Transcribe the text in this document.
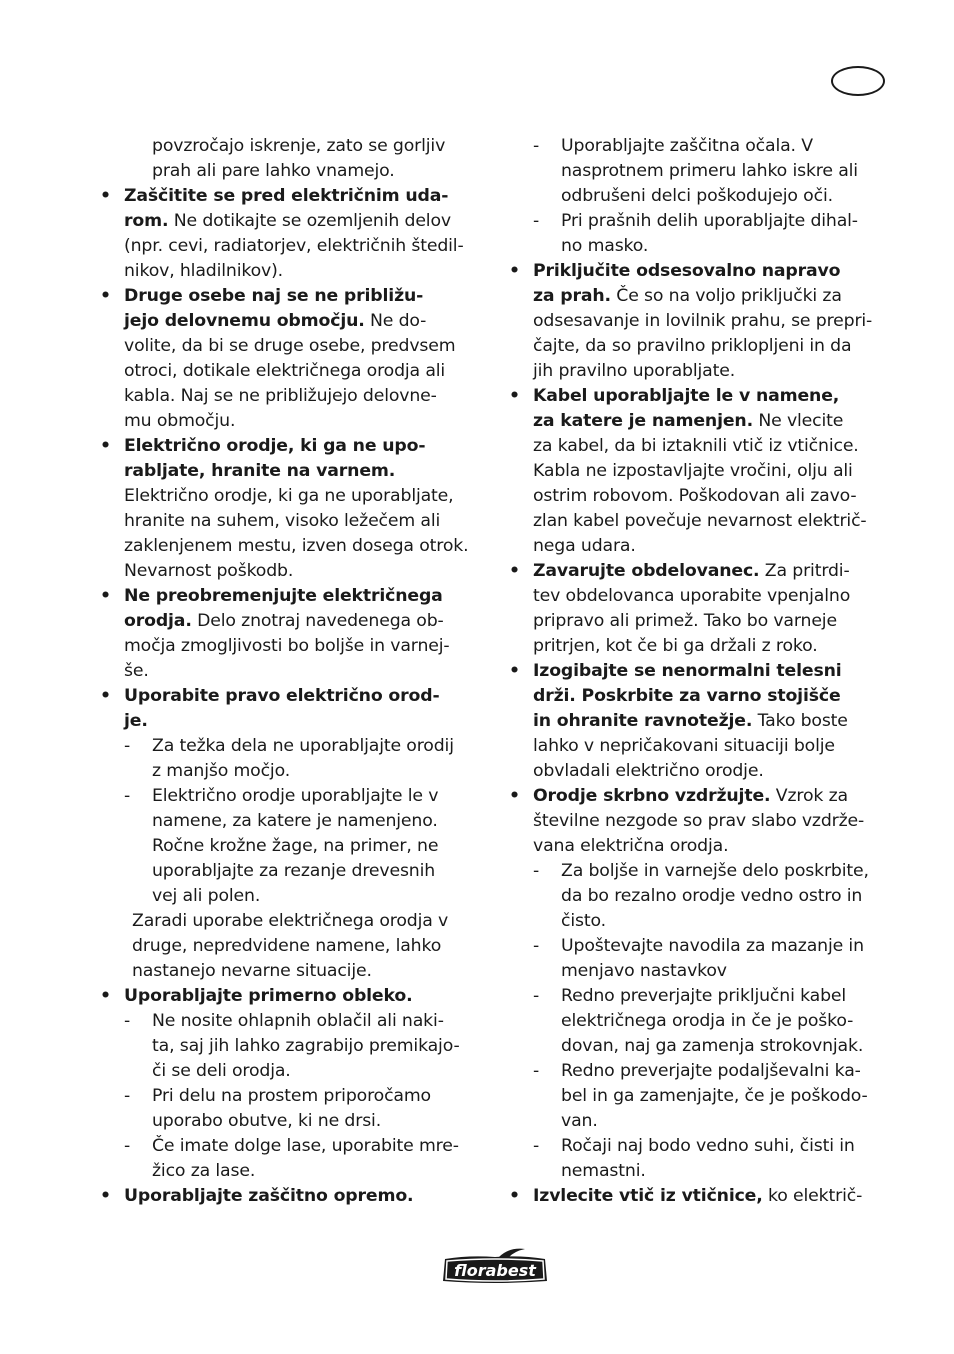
povzročajo iskrenje, zato se gorljiv
prah ali pare lahko vnamejo.
• Zaščitite se pred električnim uda-
rom. Ne dotikajte se ozemljenih delov
(npr. cevi, radiatorjev, električnih štedil-
nikov, hladilnikov).
• Druge osebe naj se ne približu-
jejo delovnemu območju. Ne do-
volite, da bi se druge osebe, predvsem
otroci, dotikale električnega orodja ali
kabla. Naj se ne približujejo delovne-
mu območju.
• Električno orodje, ki ga ne upo-
rabljate, hranite na varnem.
Električno orodje, ki ga ne uporabljate,
hranite na suhem, visoko ležečem ali
zaklenjenem mestu, izven dosega otrok.
Nevarnost poškodb.
• Ne preobremenjujte električnega
orodja. Delo znotraj navedenega ob-
močja zmogljivosti bo boljše in varnej-
še.
• Uporabite pravo električno orod-
je.
- Za težka dela ne uporabljajte orodij
z manjšo močjo.
- Električno orodje uporabljajte le v
namene, za katere je namenjeno.
Ročne krožne žage, na primer, ne
uporabljajte za rezanje drevesnih
vej ali polen.
Zaradi uporabe električnega orodja v
druge, nepredvidene namene, lahko
nastanejo nevarne situacije.
• Uporabljajte primerno obleko.
- Ne nosite ohlapnih oblačil ali naki-
ta, saj jih lahko zagrabijo premikajo-
či se deli orodja.
- Pri delu na prostem priporočamo
uporabo obutve, ki ne drsi.
- Če imate dolge lase, uporabite mre-
žico za lase.
• Uporabljajte zaščitno opremo.
- Uporabljajte zaščitna očala. V
nasprotnem primeru lahko iskre ali
odbrušeni delci poškodujejo oči.
- Pri prašnih delih uporabljajte dihal-
no masko.
• Priključite odsesovalno napravo
za prah. Če so na voljo priključki za
odsesavanje in lovilnik prahu, se prepri-
čajte, da so pravilno priklopljeni in da
jih pravilno uporabljate.
• Kabel uporabljajte le v namene,
za katere je namenjen. Ne vlecite
za kabel, da bi iztaknili vtič iz vtičnice.
Kabla ne izpostavljajte vročini, olju ali
ostrim robovom. Poškodovan ali zavo-
zlan kabel povečuje nevarnost električ-
nega udara.
• Zavarujte obdelovanec. Za pritrdi-
tev obdelovanca uporabite vpenjalno
pripravo ali primež. Tako bo varneje
pritrjen, kot če bi ga držali z roko.
• Izogibajte se nenormalni telesni
drži. Poskrbite za varno stojišče
in ohranite ravnotežje. Tako boste
lahko v nepričakovani situaciji bolje
obvladali električno orodje.
• Orodje skrbno vzdržujte. Vzrok za
številne nezgode so prav slabo vzdrže-
vana električna orodja.
- Za boljše in varnejše delo poskrbite,
da bo rezalno orodje vedno ostro in
čisto.
- Upoštevajte navodila za mazanje in
menjavo nastavkov
- Redno preverjajte priključni kabel
električnega orodja in če je poško-
dovan, naj ga zamenja strokovnjak.
- Redno preverjajte podaljševalni ka-
bel in ga zamenjajte, če je poškodo-
van.
- Ročaji naj bodo vedno suhi, čisti in
nemastni.
• Izvlecite vtič iz vtičnice, ko električ-
florabest
